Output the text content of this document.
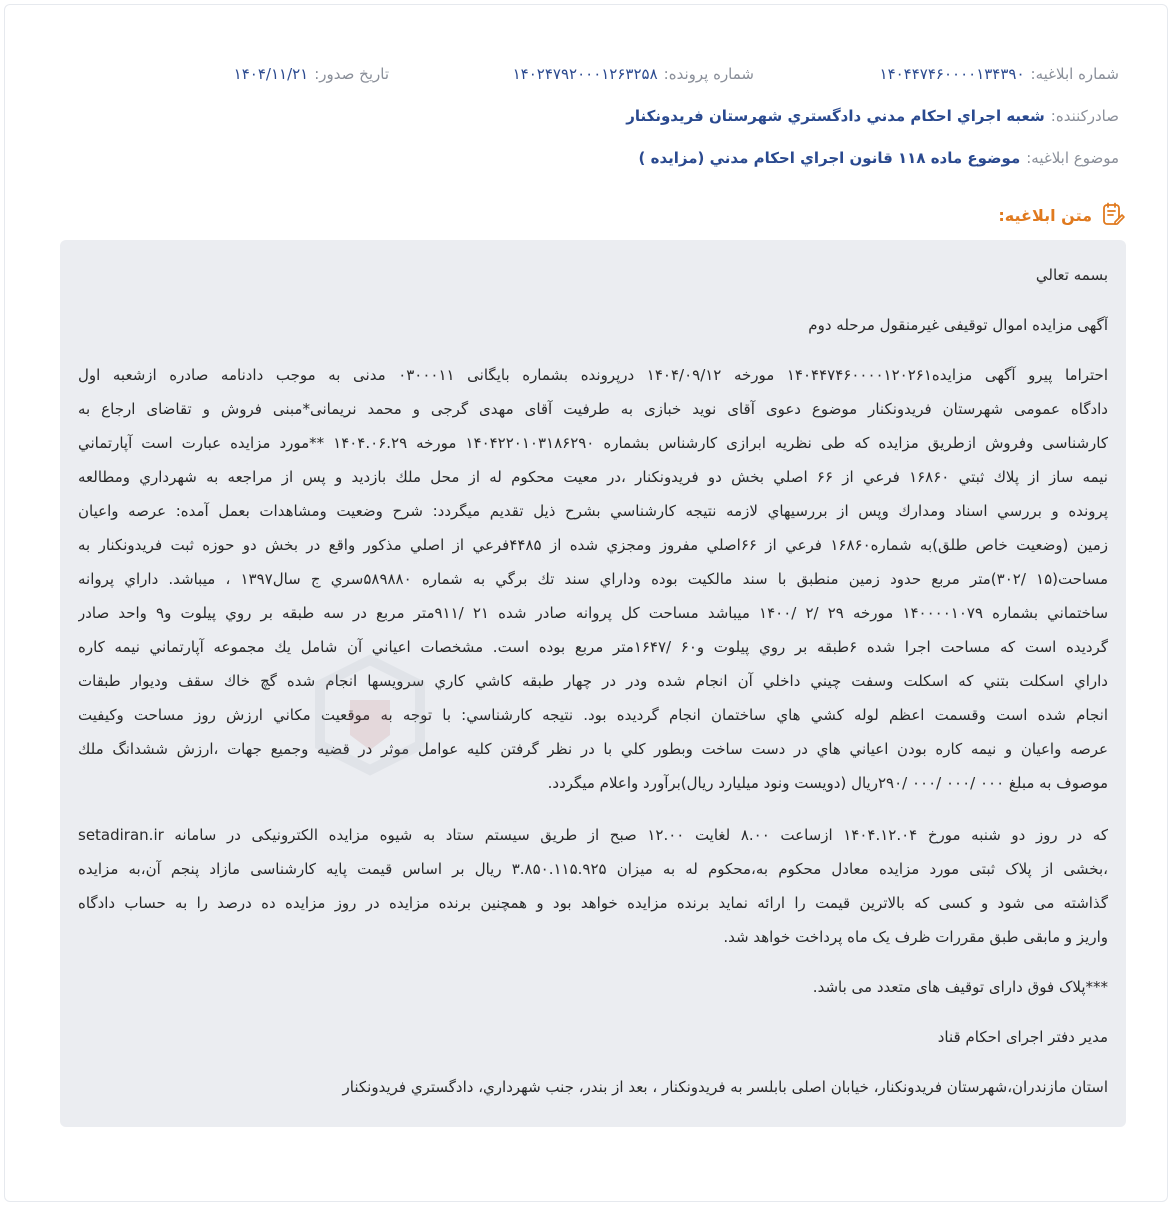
شماره ابلاغیه:
۱۴۰۴۴۷۴۶۰۰۰۰۱۳۴۳۹۰
شماره پرونده:
۱۴۰۲۴۷۹۲۰۰۰۱۲۶۳۲۵۸
تاریخ صدور:
۱۴۰۴/۱۱/۲۱
صادرکننده:
شعبه اجراي احكام مدني دادگستري شهرستان فريدونكنار
موضوع ابلاغیه:
موضوع ماده ۱۱۸ قانون اجراي احكام مدني (مزايده )
متن ابلاغیه:
بسمه تعالي
آگهی مزایده اموال توقیفی غیرمنقول مرحله دوم
احتراما پیرو آگهی مزایده۱۴۰۴۴۷۴۶۰۰۰۰۱۲۰۲۶۱ مورخه ۱۴۰۴/۰۹/۱۲ درپرونده بشماره بایگانی ۰۳۰۰۰۱۱ مدنی به موجب دادنامه صادره ازشعبه اول
دادگاه عمومی شهرستان فریدونکنار موضوع دعوی آقای نوید خبازی به طرفیت آقای مهدی گرجی و محمد نریمانی*مبنی فروش و تقاضای ارجاع به
کارشناسی وفروش ازطریق مزایده که طی نظریه ابرازی کارشناس بشماره ۱۴۰۴۲۲۰۱۰۳۱۸۶۲۹۰ مورخه ۱۴۰۴.۰۶.۲۹ **مورد مزايده عبارت است آپارتماني
نيمه ساز از پلاك ثبتي ۱۶۸۶۰ فرعي از ۶۶ اصلي بخش دو فريدونكنار ،در معيت محكوم له از محل ملك بازديد و پس از مراجعه به شهرداري ومطالعه
پرونده و بررسي اسناد ومدارك وپس از بررسيهاي لازمه نتيجه كارشناسي بشرح ذيل تقديم ميگردد: شرح وضعيت ومشاهدات بعمل آمده: عرصه واعيان
زمين (وضعيت خاص طلق)به شماره۱۶۸۶۰ فرعي از ۶۶اصلي مفروز ومجزي شده از ۴۴۸۵فرعي از اصلي مذكور واقع در بخش دو حوزه ثبت فريدونكنار به
مساحت(۱۵ /۳۰۲)متر مربع حدود زمين منطبق با سند مالكيت بوده وداراي سند تك برگي به شماره ۵۸۹۸۸۰سري ج سال۱۳۹۷ ، ميباشد. داراي پروانه
ساختماني بشماره ۱۴۰۰۰۰۱۰۷۹ مورخه ۲۹ /۲ /۱۴۰۰ ميباشد مساحت كل پروانه صادر شده ۲۱ /۹۱۱متر مربع در سه طبقه بر روي پيلوت و۹ واحد صادر
گرديده است كه مساحت اجرا شده ۶طبقه بر روي پيلوت و۶۰ /۱۶۴۷متر مربع بوده است. مشخصات اعياني آن شامل يك مجموعه آپارتماني نيمه كاره
داراي اسكلت بتني كه اسكلت وسفت چيني داخلي آن انجام شده ودر در چهار طبقه كاشي كاري سرويسها انجام شده گچ خاك سقف وديوار طبقات
انجام شده است وقسمت اعظم لوله كشي هاي ساختمان انجام گرديده بود. نتيجه كارشناسي: با توجه به موقعيت مكاني ارزش روز مساحت وكيفيت
عرصه واعيان و نيمه كاره بودن اعياني هاي در دست ساخت وبطور كلي با در نظر گرفتن كليه عوامل موثر در قضيه وجميع جهات ،ارزش ششدانگ ملك
موصوف به مبلغ ۰۰۰ /۰۰۰ /۰۰۰ /۲۹۰ريال (دويست ونود ميليارد ريال)برآورد واعلام ميگردد.
که در روز دو شنبه مورخ ۱۴۰۴.۱۲.۰۴ ازساعت ۸.۰۰ لغایت ۱۲.۰۰ صبح از طریق سیستم ستاد به شیوه مزایده الکترونیکی در سامانه setadiran.ir
،بخشی از پلاک ثبتی مورد مزایده معادل محکوم به،محکوم له به میزان ۳.۸۵۰.۱۱۵.۹۲۵ ریال بر اساس قیمت پایه کارشناسی مازاد پنجم آن،به مزایده
گذاشته می شود و کسی که بالاترین قیمت را ارائه نماید برنده مزایده خواهد بود و همچنین برنده مزایده در روز مزایده ده درصد را به حساب دادگاه
واریز و مابقی طبق مقررات ظرف یک ماه پرداخت خواهد شد.
***پلاک فوق دارای توقیف های متعدد می باشد.
مدیر دفتر اجرای احکام قناد
استان مازندران،شهرستان فریدونکنار، خیابان اصلی بابلسر به فریدونکنار ، بعد از بندر، جنب شهرداري، دادگستري فريدونكنار
